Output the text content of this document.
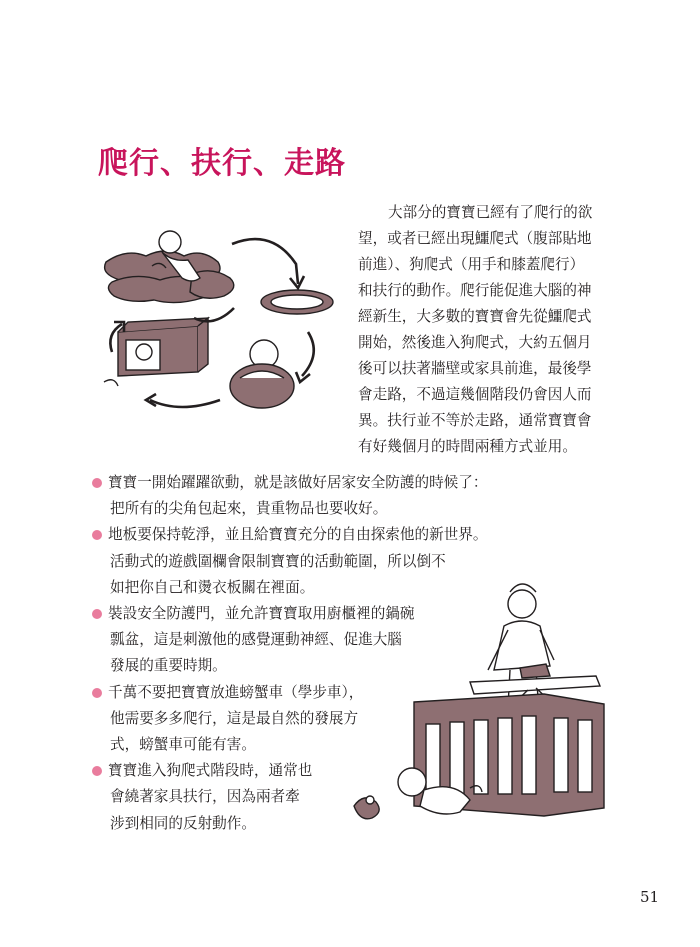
爬行、扶行、走路
大部分的寶寶已經有了爬行的欲
望，或者已經出現鱷爬式（腹部貼地
前進）、狗爬式（用手和膝蓋爬行）
和扶行的動作。爬行能促進大腦的神
經新生，大多數的寶寶會先從鱷爬式
開始，然後進入狗爬式，大約五個月
後可以扶著牆壁或家具前進，最後學
會走路，不過這幾個階段仍會因人而
異。扶行並不等於走路，通常寶寶會
有好幾個月的時間兩種方式並用。
寶寶一開始躍躍欲動，就是該做好居家安全防護的時候了：
把所有的尖角包起來，貴重物品也要收好。
地板要保持乾淨，並且給寶寶充分的自由探索他的新世界。
活動式的遊戲圍欄會限制寶寶的活動範圍，所以倒不
如把你自己和燙衣板關在裡面。
裝設安全防護門，並允許寶寶取用廚櫃裡的鍋碗
瓢盆，這是刺激他的感覺運動神經、促進大腦
發展的重要時期。
千萬不要把寶寶放進螃蟹車（學步車），
他需要多多爬行，這是最自然的發展方
式，螃蟹車可能有害。
寶寶進入狗爬式階段時，通常也
會繞著家具扶行，因為兩者牽
涉到相同的反射動作。
51
